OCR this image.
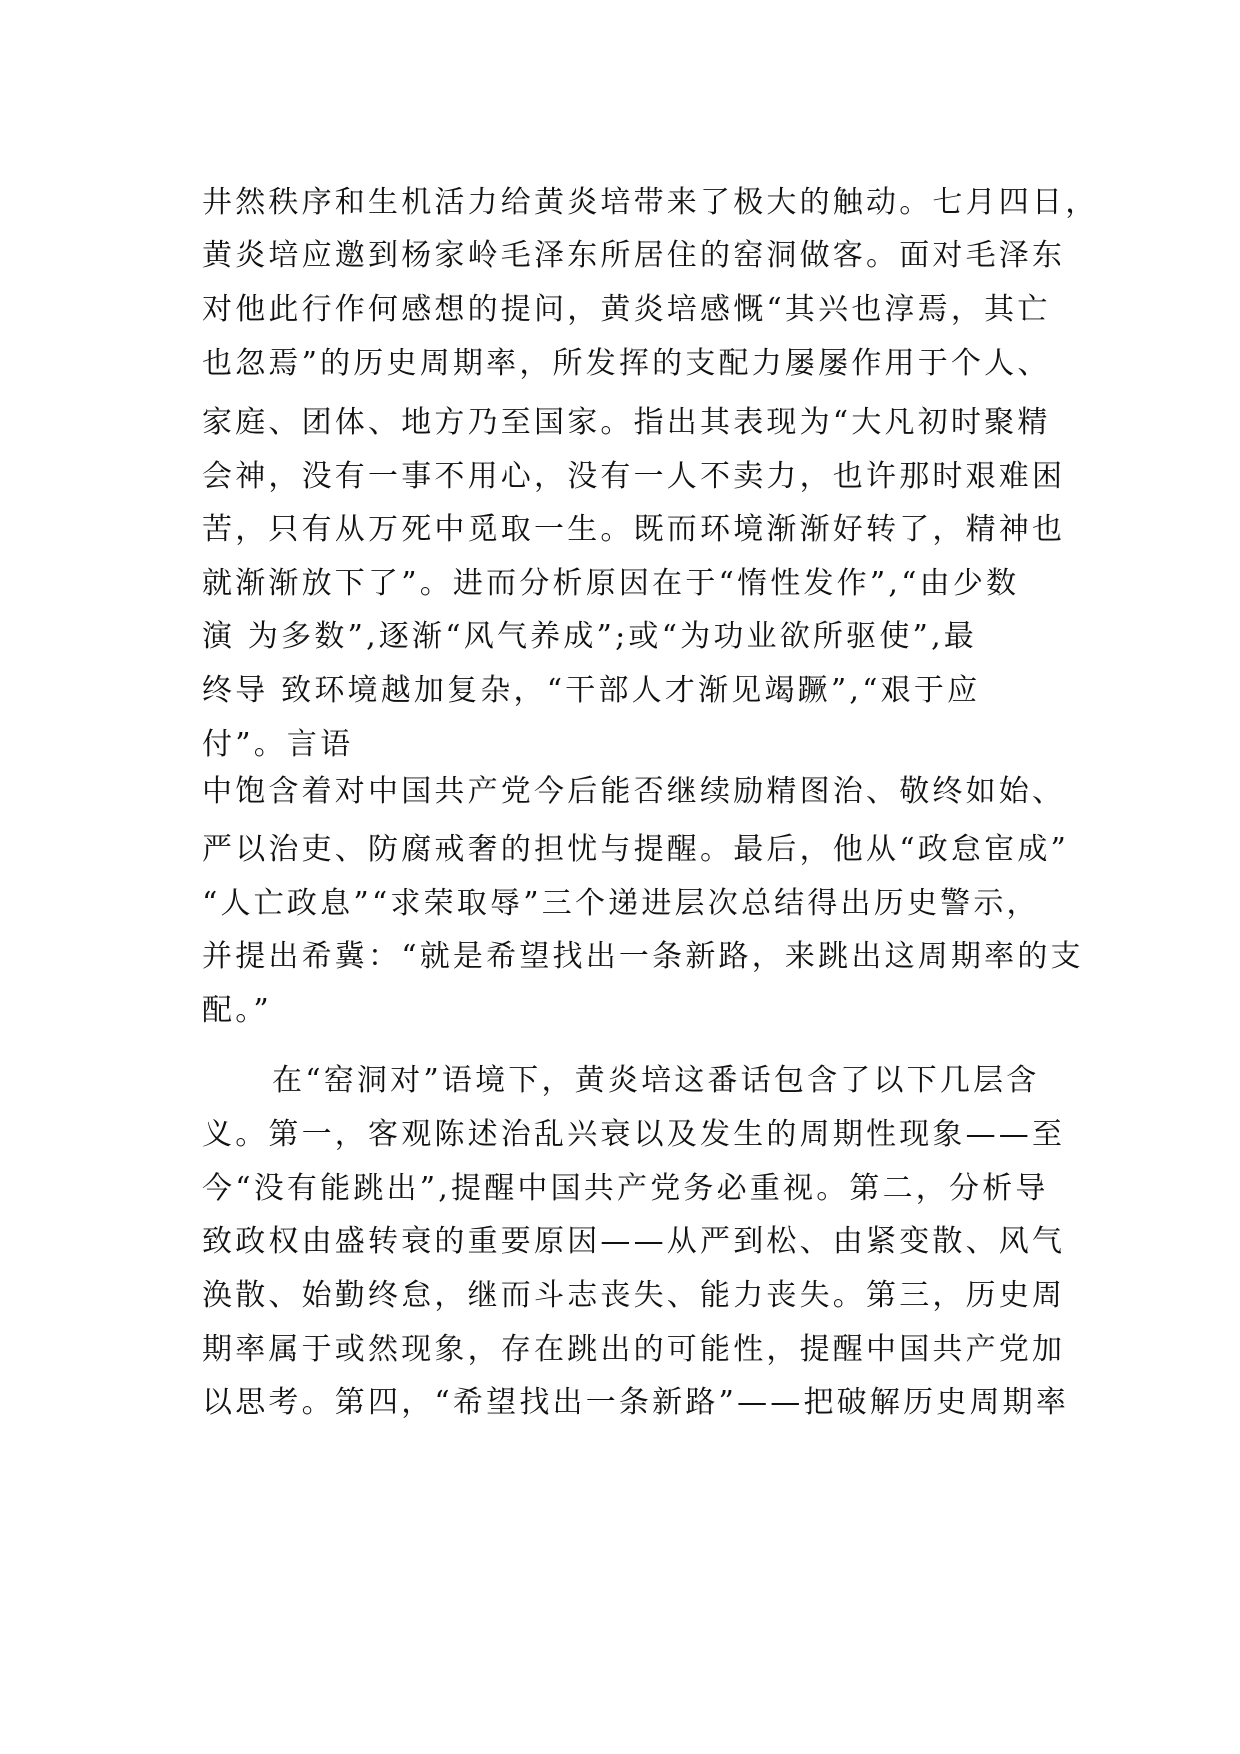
井然秩序和生机活力给黄炎培带来了极大的触动。七月四日，
黄炎培应邀到杨家岭毛泽东所居住的窑洞做客。面对毛泽东
对他此行作何感想的提问，黄炎培感慨“其兴也淳焉，其亡
也忽焉”的历史周期率，所发挥的支配力屡屡作用于个人、
家庭、团体、地方乃至国家。指出其表现为“大凡初时聚精
会神，没有一事不用心，没有一人不卖力，也许那时艰难困
苦，只有从万死中觅取一生。既而环境渐渐好转了，精神也
就渐渐放下了”。进而分析原因在于“惰性发作”,“由少数
演 为多数”,逐渐“风气养成”;或“为功业欲所驱使”,最
终导 致环境越加复杂，“干部人才渐见竭蹶”,“艰于应
付”。言语
中饱含着对中国共产党今后能否继续励精图治、敬终如始、
严以治吏、防腐戒奢的担忧与提醒。最后，他从“政怠宦成”
“人亡政息”“求荣取辱”三个递进层次总结得出历史警示，
并提出希冀：“就是希望找出一条新路，来跳出这周期率的支
配。”
在“窑洞对”语境下，黄炎培这番话包含了以下几层含
义。第一，客观陈述治乱兴衰以及发生的周期性现象——至
今“没有能跳出”,提醒中国共产党务必重视。第二，分析导
致政权由盛转衰的重要原因——从严到松、由紧变散、风气
涣散、始勤终怠，继而斗志丧失、能力丧失。第三，历史周
期率属于或然现象，存在跳出的可能性，提醒中国共产党加
以思考。第四，“希望找出一条新路”——把破解历史周期率
